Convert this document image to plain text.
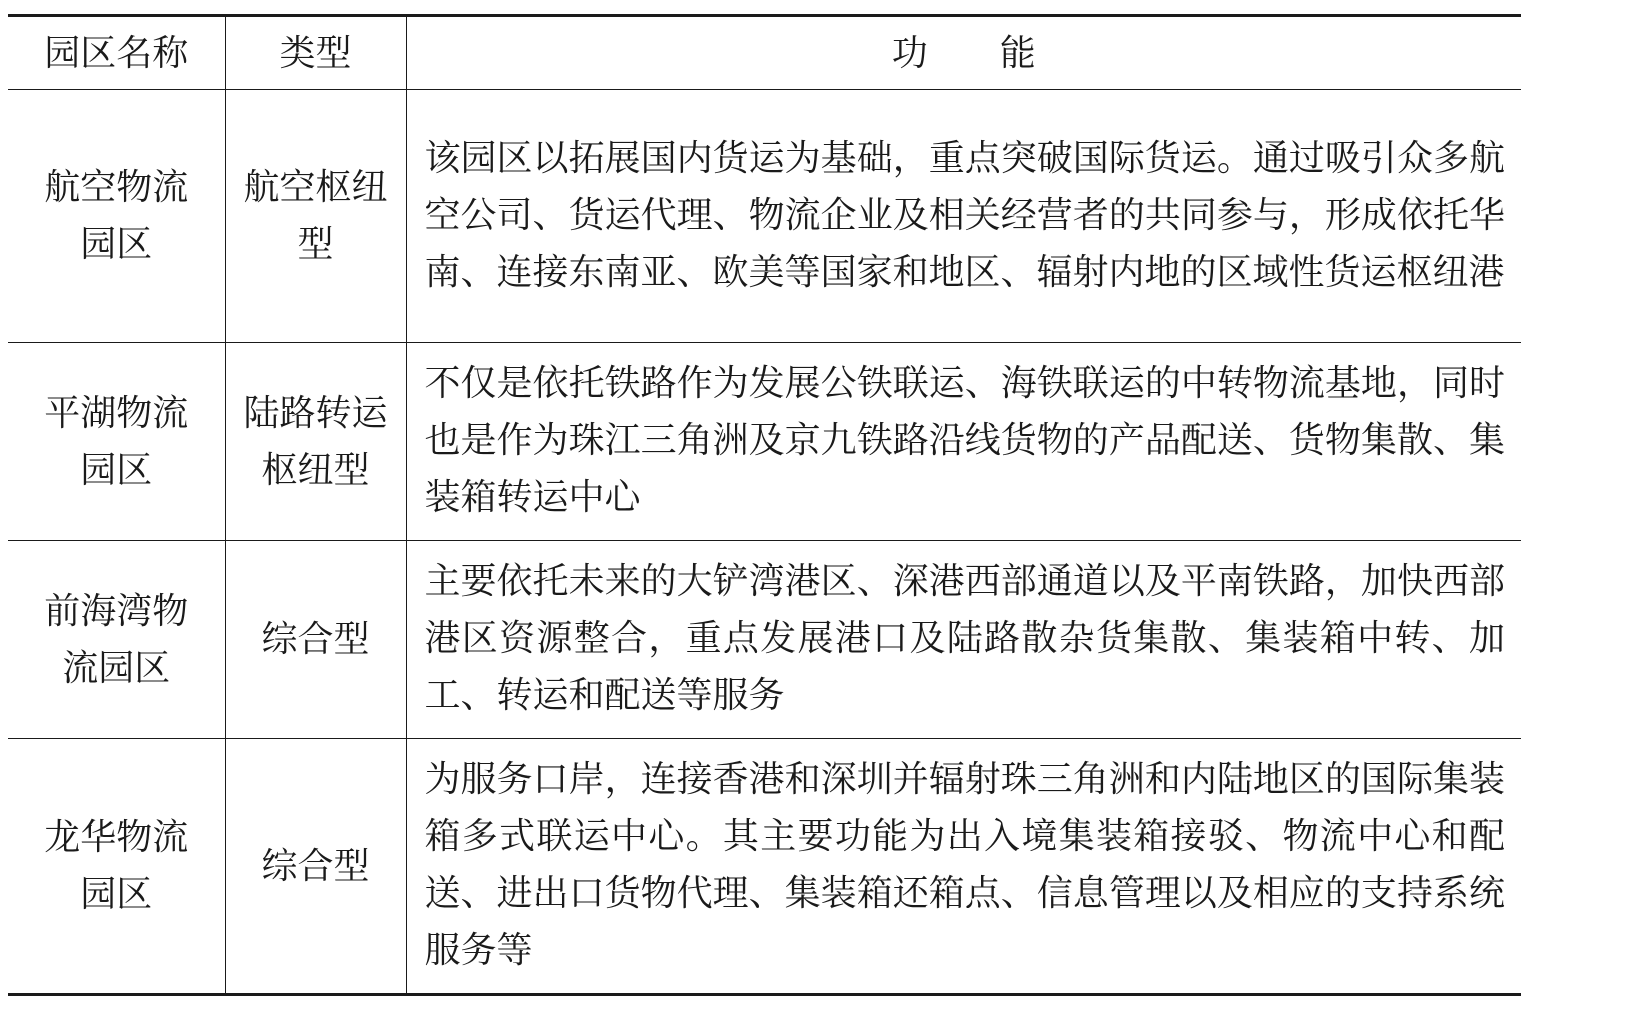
园区名称	类型	功 能
航空物流园区	航空枢纽型	该园区以拓展国内货运为基础，重点突破国际货运。通过吸引众多航空公司、货运代理、物流企业及相关经营者的共同参与，形成依托华南、连接东南亚、欧美等国家和地区、辐射内地的区域性货运枢纽港
平湖物流园区	陆路转运枢纽型	不仅是依托铁路作为发展公铁联运、海铁联运的中转物流基地，同时也是作为珠江三角洲及京九铁路沿线货物的产品配送、货物集散、集装箱转运中心
前海湾物流园区	综合型	主要依托未来的大铲湾港区、深港西部通道以及平南铁路，加快西部港区资源整合，重点发展港口及陆路散杂货集散、集装箱中转、加工、转运和配送等服务
龙华物流园区	综合型	为服务口岸，连接香港和深圳并辐射珠三角洲和内陆地区的国际集装箱多式联运中心。其主要功能为出入境集装箱接驳、物流中心和配送、进出口货物代理、集装箱还箱点、信息管理以及相应的支持系统服务等
